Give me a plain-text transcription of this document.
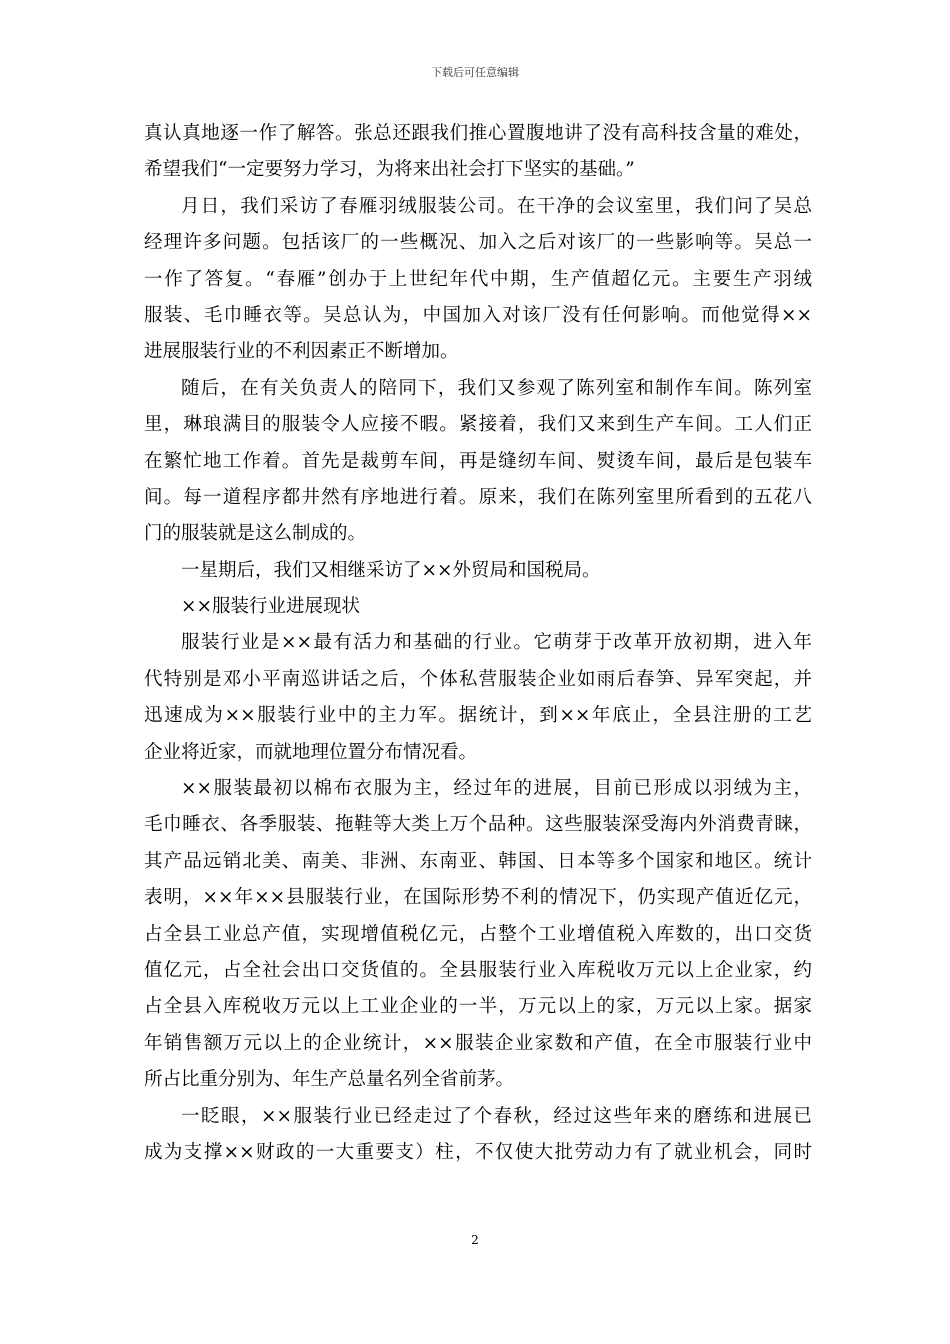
下载后可任意编辑
真认真地逐一作了解答。张总还跟我们推心置腹地讲了没有高科技含量的难处，
希望我们“一定要努力学习，为将来出社会打下坚实的基础。”
月日，我们采访了春雁羽绒服装公司。在干净的会议室里，我们问了吴总
经理许多问题。包括该厂的一些概况、加入之后对该厂的一些影响等。吴总一
一作了答复。“春雁”创办于上世纪年代中期，生产值超亿元。主要生产羽绒
服装、毛巾睡衣等。吴总认为，中国加入对该厂没有任何影响。而他觉得××
进展服装行业的不利因素正不断增加。
随后，在有关负责人的陪同下，我们又参观了陈列室和制作车间。陈列室
里，琳琅满目的服装令人应接不暇。紧接着，我们又来到生产车间。工人们正
在繁忙地工作着。首先是裁剪车间，再是缝纫车间、熨烫车间，最后是包装车
间。每一道程序都井然有序地进行着。原来，我们在陈列室里所看到的五花八
门的服装就是这么制成的。
一星期后，我们又相继采访了××外贸局和国税局。
××服装行业进展现状
服装行业是××最有活力和基础的行业。它萌芽于改革开放初期，进入年
代特别是邓小平南巡讲话之后，个体私营服装企业如雨后春笋、异军突起，并
迅速成为××服装行业中的主力军。据统计，到××年底止，全县注册的工艺
企业将近家，而就地理位置分布情况看。
××服装最初以棉布衣服为主，经过年的进展，目前已形成以羽绒为主，
毛巾睡衣、各季服装、拖鞋等大类上万个品种。这些服装深受海内外消费青睐，
其产品远销北美、南美、非洲、东南亚、韩国、日本等多个国家和地区。统计
表明，××年××县服装行业，在国际形势不利的情况下，仍实现产值近亿元，
占全县工业总产值，实现增值税亿元，占整个工业增值税入库数的，出口交货
值亿元，占全社会出口交货值的。全县服装行业入库税收万元以上企业家，约
占全县入库税收万元以上工业企业的一半，万元以上的家，万元以上家。据家
年销售额万元以上的企业统计，××服装企业家数和产值，在全市服装行业中
所占比重分别为、年生产总量名列全省前茅。
一眨眼，××服装行业已经走过了个春秋，经过这些年来的磨练和进展已
成为支撑××财政的一大重要支）柱，不仅使大批劳动力有了就业机会，同时
2
